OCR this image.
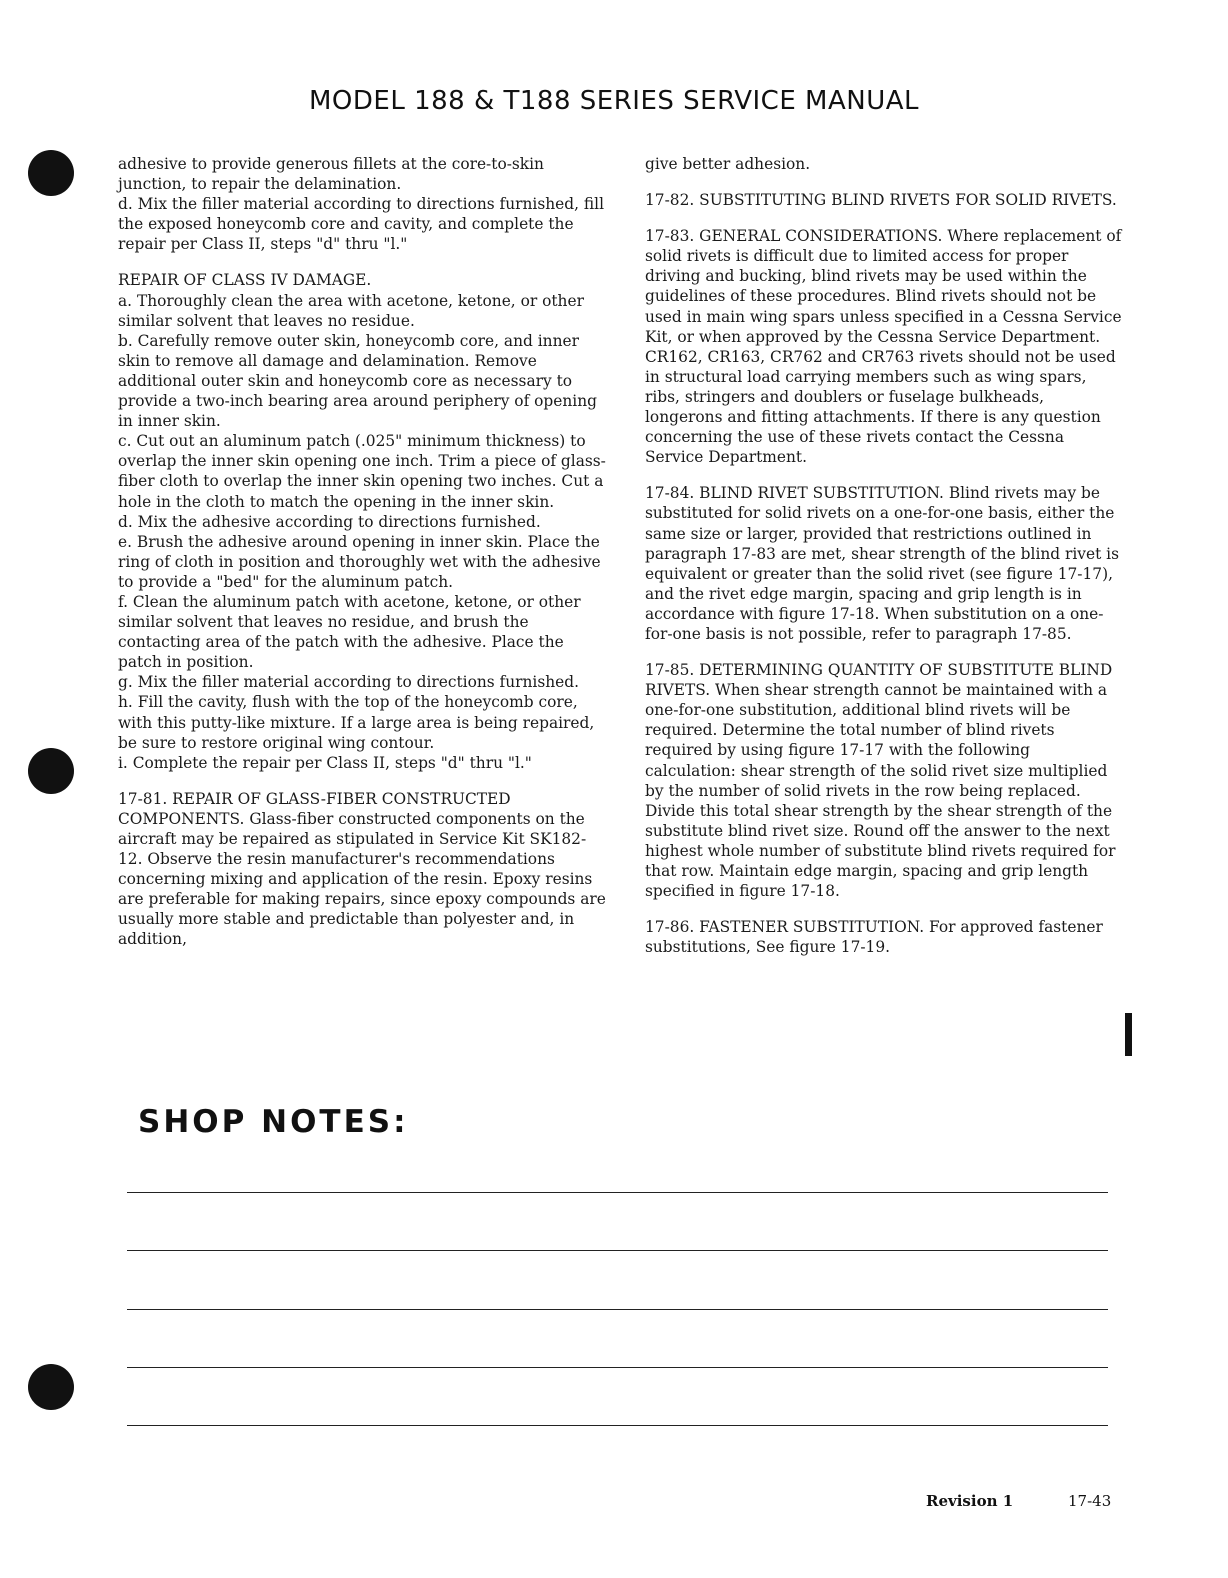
MODEL 188 & T188 SERIES SERVICE MANUAL

adhesive to provide generous fillets at the core-to-skin junction, to repair the delamination.

d. Mix the filler material according to directions furnished, fill the exposed honeycomb core and cavity, and complete the repair per Class II, steps "d" thru "l."

REPAIR OF CLASS IV DAMAGE.

a. Thoroughly clean the area with acetone, ketone, or other similar solvent that leaves no residue.

b. Carefully remove outer skin, honeycomb core, and inner skin to remove all damage and delamination. Remove additional outer skin and honeycomb core as necessary to provide a two-inch bearing area around periphery of opening in inner skin.

c. Cut out an aluminum patch (.025" minimum thickness) to overlap the inner skin opening one inch. Trim a piece of glass-fiber cloth to overlap the inner skin opening two inches. Cut a hole in the cloth to match the opening in the inner skin.

d. Mix the adhesive according to directions furnished.

e. Brush the adhesive around opening in inner skin. Place the ring of cloth in position and thoroughly wet with the adhesive to provide a "bed" for the aluminum patch.

f. Clean the aluminum patch with acetone, ketone, or other similar solvent that leaves no residue, and brush the contacting area of the patch with the adhesive. Place the patch in position.

g. Mix the filler material according to directions furnished.

h. Fill the cavity, flush with the top of the honeycomb core, with this putty-like mixture. If a large area is being repaired, be sure to restore original wing contour.

i. Complete the repair per Class II, steps "d" thru "l."

17-81. REPAIR OF GLASS-FIBER CONSTRUCTED COMPONENTS. Glass-fiber constructed components on the aircraft may be repaired as stipulated in Service Kit SK182-12. Observe the resin manufacturer's recommendations concerning mixing and application of the resin. Epoxy resins are preferable for making repairs, since epoxy compounds are usually more stable and predictable than polyester and, in addition,

give better adhesion.

17-82. SUBSTITUTING BLIND RIVETS FOR SOLID RIVETS.

17-83. GENERAL CONSIDERATIONS. Where replacement of solid rivets is difficult due to limited access for proper driving and bucking, blind rivets may be used within the guidelines of these procedures. Blind rivets should not be used in main wing spars unless specified in a Cessna Service Kit, or when approved by the Cessna Service Department. CR162, CR163, CR762 and CR763 rivets should not be used in structural load carrying members such as wing spars, ribs, stringers and doublers or fuselage bulkheads, longerons and fitting attachments. If there is any question concerning the use of these rivets contact the Cessna Service Department.

17-84. BLIND RIVET SUBSTITUTION. Blind rivets may be substituted for solid rivets on a one-for-one basis, either the same size or larger, provided that restrictions outlined in paragraph 17-83 are met, shear strength of the blind rivet is equivalent or greater than the solid rivet (see figure 17-17), and the rivet edge margin, spacing and grip length is in accordance with figure 17-18. When substitution on a one-for-one basis is not possible, refer to paragraph 17-85.

17-85. DETERMINING QUANTITY OF SUBSTITUTE BLIND RIVETS. When shear strength cannot be maintained with a one-for-one substitution, additional blind rivets will be required. Determine the total number of blind rivets required by using figure 17-17 with the following calculation: shear strength of the solid rivet size multiplied by the number of solid rivets in the row being replaced. Divide this total shear strength by the shear strength of the substitute blind rivet size. Round off the answer to the next highest whole number of substitute blind rivets required for that row. Maintain edge margin, spacing and grip length specified in figure 17-18.

17-86. FASTENER SUBSTITUTION. For approved fastener substitutions, See figure 17-19.

SHOP NOTES:
Revision 1	17-43
